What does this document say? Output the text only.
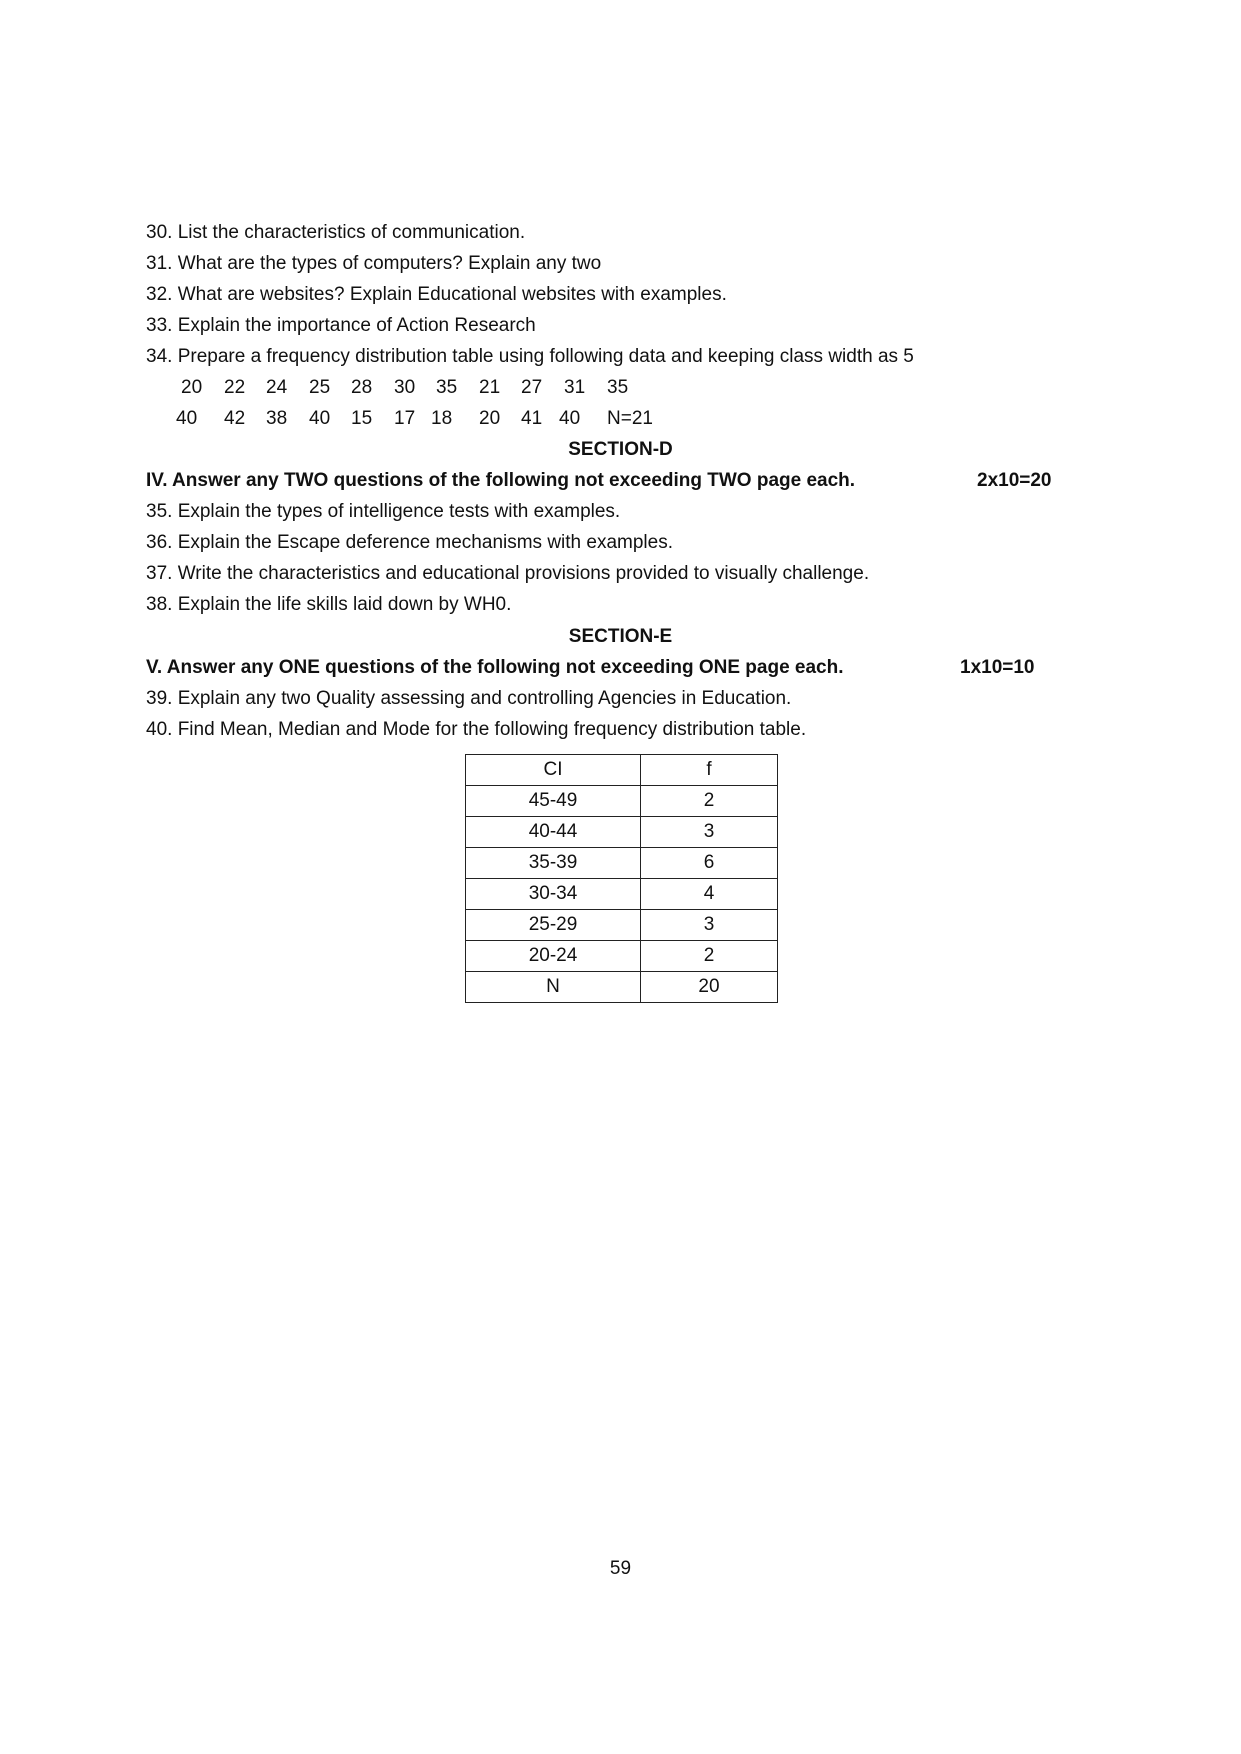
30. List the characteristics of communication.
31. What are the types of computers? Explain any two
32. What are websites? Explain Educational websites with examples.
33. Explain the importance of Action Research
34. Prepare a frequency distribution table using following data and keeping class width as 5
20 22 24 25 28 30 35 21 27 31 35
40 42 38 40 15 17 18 20 41 40 N=21
SECTION-D
IV. Answer any TWO questions of the following not exceeding TWO page each.	2x10=20
35. Explain the types of intelligence tests with examples.
36. Explain the Escape deference mechanisms with examples.
37. Write the characteristics and educational provisions provided to visually challenge.
38. Explain the life skills laid down by WH0.
SECTION-E
V. Answer any ONE questions of the following not exceeding ONE page each.	1x10=10
39. Explain any two Quality assessing and controlling Agencies in Education.
40. Find Mean, Median and Mode for the following frequency distribution table.
CI	f
45-49	2
40-44	3
35-39	6
30-34	4
25-29	3
20-24	2
N	20
59
